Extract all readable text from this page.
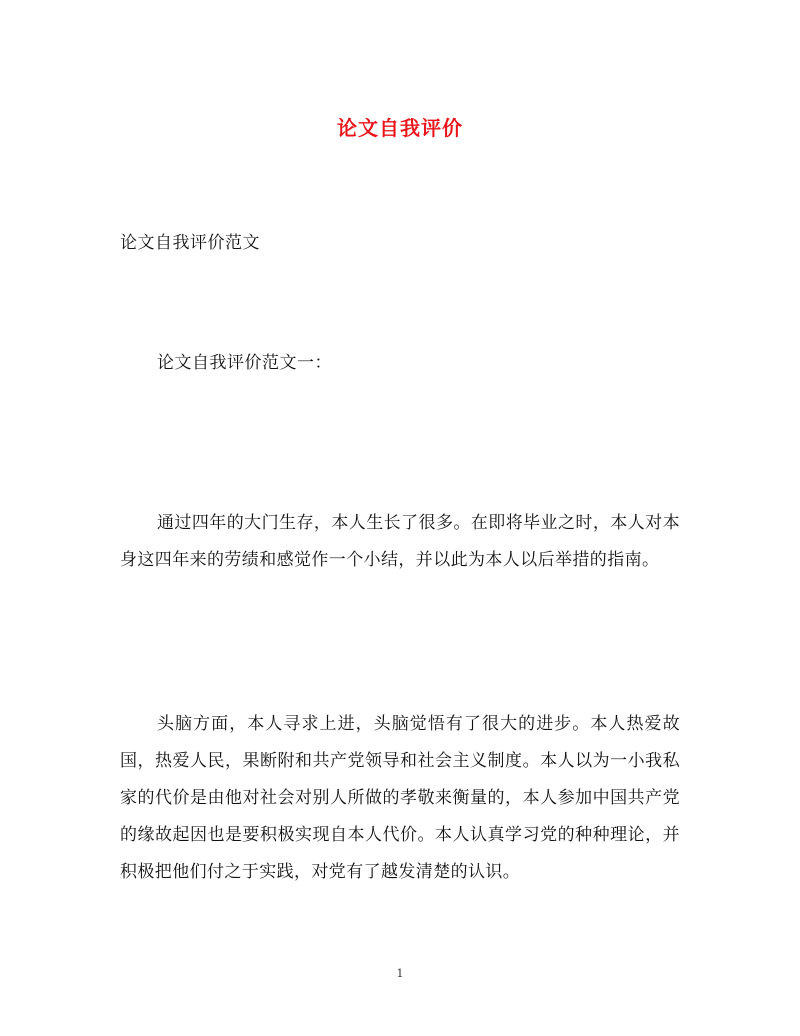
论文自我评价
论文自我评价范文
论文自我评价范文一：

通过四年的大门生存，本人生长了很多。在即将毕业之时，本人对本身这四年来的劳绩和感觉作一个小结，并以此为本人以后举措的指南。

头脑方面，本人寻求上进，头脑觉悟有了很大的进步。本人热爱故国，热爱人民，果断附和共产党领导和社会主义制度。本人以为一小我私家的代价是由他对社会对别人所做的孝敬来衡量的，本人参加中国共产党的缘故起因也是要积极实现自本人代价。本人认真学习党的种种理论，并积极把他们付之于实践，对党有了越发清楚的认识。

1
